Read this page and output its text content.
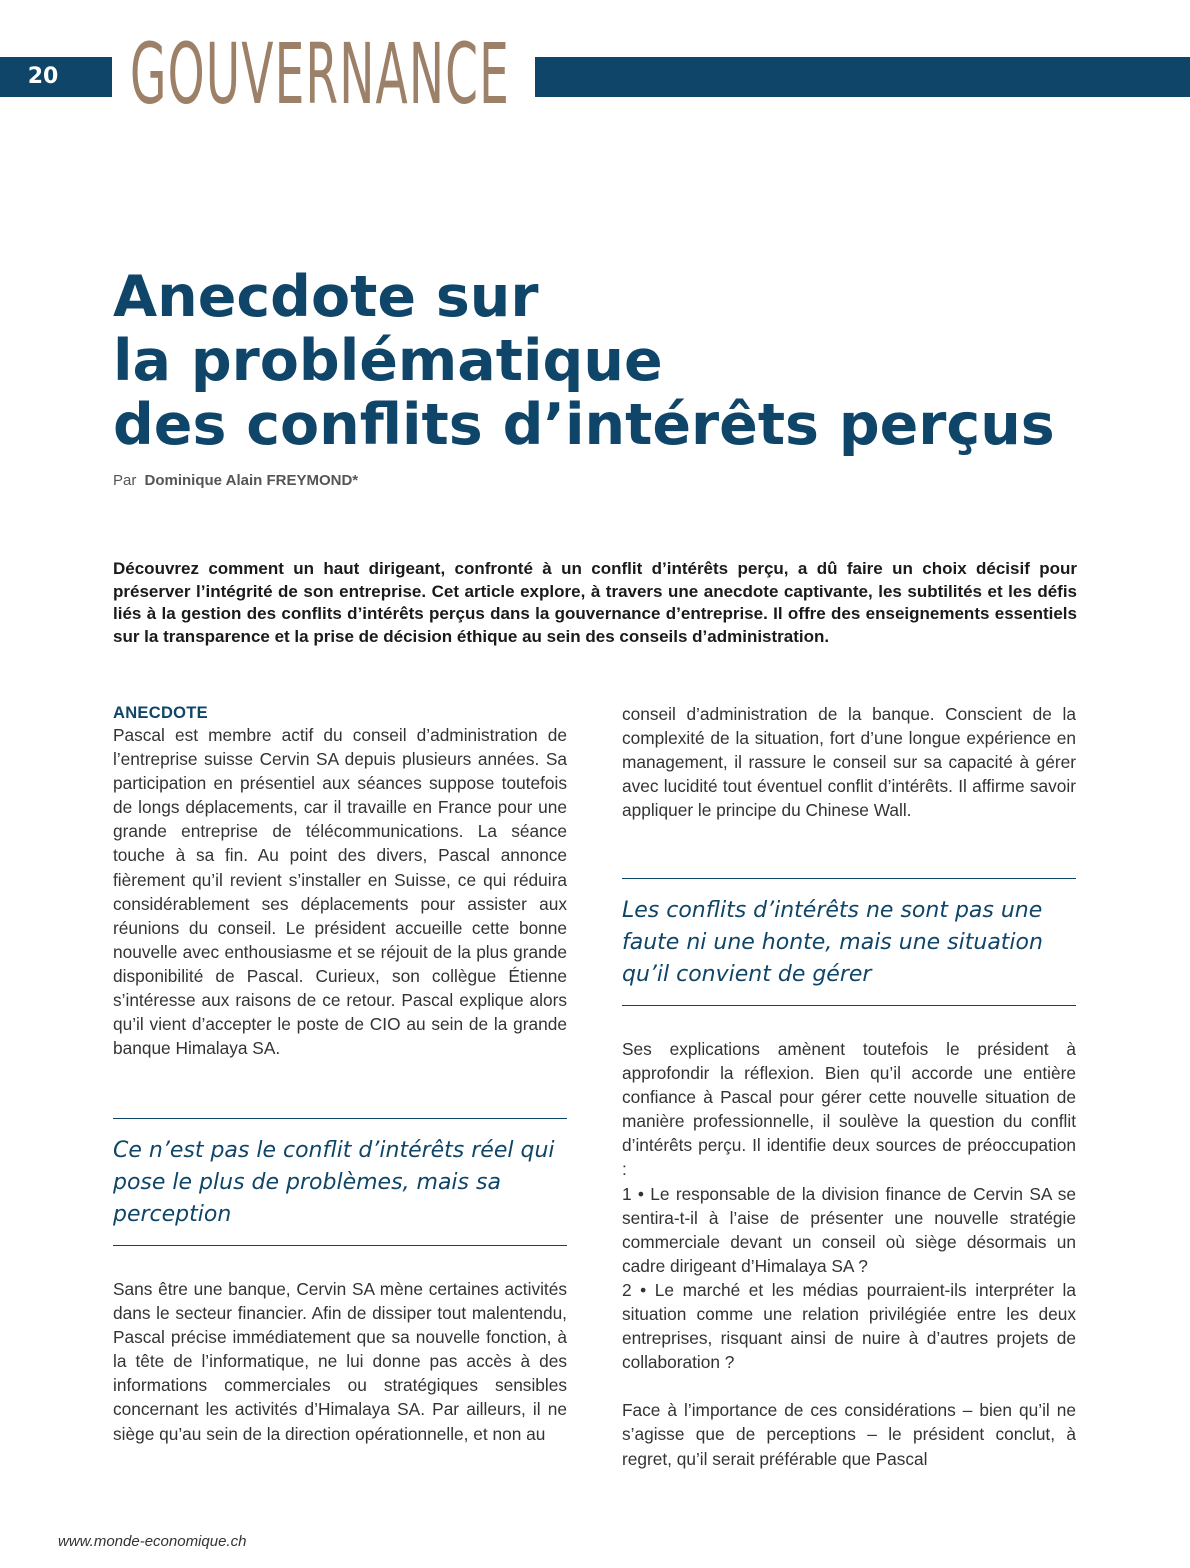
20 GOUVERNANCE
Anecdote sur
la problématique
des conflits d’intérêts perçus
Par Dominique Alain FREYMOND*

Découvrez comment un haut dirigeant, confronté à un conflit d’intérêts perçu, a dû faire un choix décisif pour préserver l’intégrité de son entreprise. Cet article explore, à travers une anecdote captivante, les subtilités et les défis liés à la gestion des conflits d’intérêts perçus dans la gouvernance d’entreprise. Il offre des enseignements essentiels sur la transparence et la prise de décision éthique au sein des conseils d’administration.

ANECDOTE

Pascal est membre actif du conseil d’administration de l’entreprise suisse Cervin SA depuis plusieurs années. Sa participation en présentiel aux séances suppose toutefois de longs déplacements, car il travaille en France pour une grande entreprise de télécommunications. La séance touche à sa fin. Au point des divers, Pascal annonce fièrement qu’il revient s’installer en Suisse, ce qui réduira considérablement ses déplacements pour assister aux réunions du conseil. Le président accueille cette bonne nouvelle avec enthousiasme et se réjouit de la plus grande disponibilité de Pascal. Curieux, son collègue Étienne s’intéresse aux raisons de ce retour. Pascal explique alors qu’il vient d’accepter le poste de CIO au sein de la grande banque Himalaya SA.

Ce n’est pas le conflit d’intérêts réel qui pose le plus de problèmes, mais sa perception

Sans être une banque, Cervin SA mène certaines activités dans le secteur financier. Afin de dissiper tout malentendu, Pascal précise immédiatement que sa nouvelle fonction, à la tête de l’informatique, ne lui donne pas accès à des informations commerciales ou stratégiques sensibles concernant les activités d’Himalaya SA. Par ailleurs, il ne siège qu’au sein de la direction opérationnelle, et non au

conseil d’administration de la banque. Conscient de la complexité de la situation, fort d’une longue expérience en management, il rassure le conseil sur sa capacité à gérer avec lucidité tout éventuel conflit d’intérêts. Il affirme savoir appliquer le principe du Chinese Wall.

Les conflits d’intérêts ne sont pas une faute ni une honte, mais une situation qu’il convient de gérer

Ses explications amènent toutefois le président à approfondir la réflexion. Bien qu’il accorde une entière confiance à Pascal pour gérer cette nouvelle situation de manière professionnelle, il soulève la question du conflit d’intérêts perçu. Il identifie deux sources de préoccupation :

1 • Le responsable de la division finance de Cervin SA se sentira-t-il à l’aise de présenter une nouvelle stratégie commerciale devant un conseil où siège désormais un cadre dirigeant d’Himalaya SA ?

2 • Le marché et les médias pourraient-ils interpréter la situation comme une relation privilégiée entre les deux entreprises, risquant ainsi de nuire à d’autres projets de collaboration ?

Face à l’importance de ces considérations – bien qu’il ne s’agisse que de perceptions – le président conclut, à regret, qu’il serait préférable que Pascal

www.monde-economique.ch
